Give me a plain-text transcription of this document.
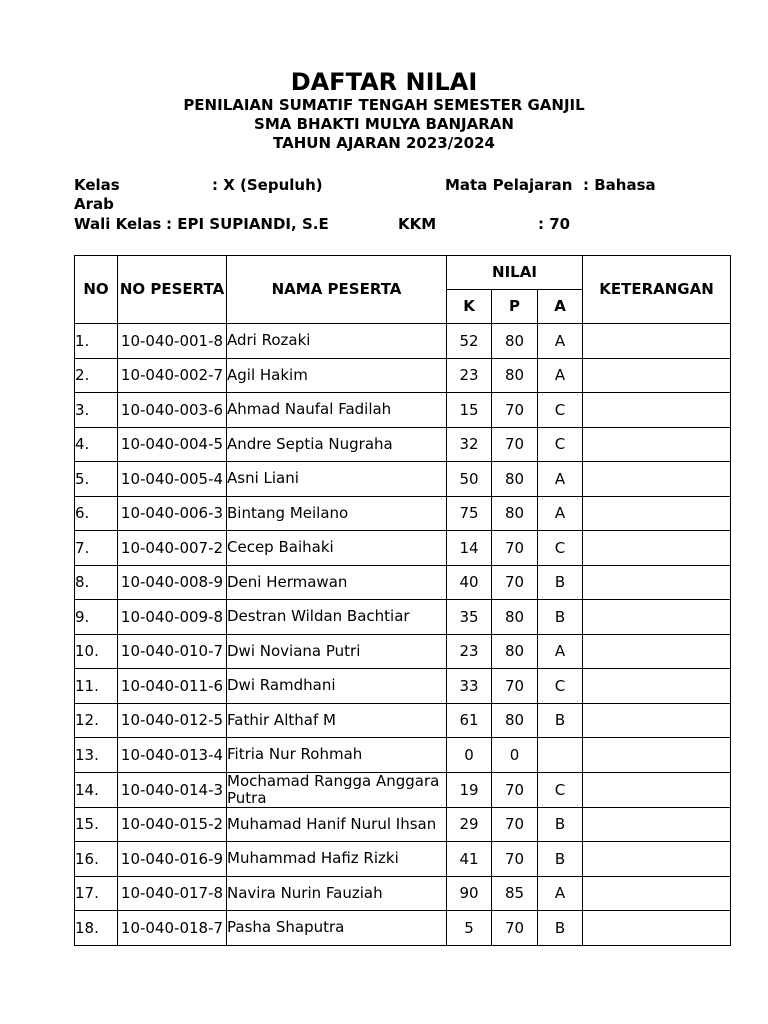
DAFTAR NILAI
PENILAIAN SUMATIF TENGAH SEMESTER GANJIL
SMA BHAKTI MULYA BANJARAN
TAHUN AJARAN 2023/2024
Kelas	: X (Sepuluh)	Mata Pelajaran : Bahasa
Arab
Wali Kelas : EPI SUPIANDI, S.E	KKM	: 70
NO	NO PESERTA	NAMA PESERTA	NILAI			KETERANGAN
			K	P	A	
1.	10-040-001-8	Adri Rozaki	52	80	A	
2.	10-040-002-7	Agil Hakim	23	80	A	
3.	10-040-003-6	Ahmad Naufal Fadilah	15	70	C	
4.	10-040-004-5	Andre Septia Nugraha	32	70	C	
5.	10-040-005-4	Asni Liani	50	80	A	
6.	10-040-006-3	Bintang Meilano	75	80	A	
7.	10-040-007-2	Cecep Baihaki	14	70	C	
8.	10-040-008-9	Deni Hermawan	40	70	B	
9.	10-040-009-8	Destran Wildan Bachtiar	35	80	B	
10.	10-040-010-7	Dwi Noviana Putri	23	80	A	
11.	10-040-011-6	Dwi Ramdhani	33	70	C	
12.	10-040-012-5	Fathir Althaf M	61	80	B	
13.	10-040-013-4	Fitria Nur Rohmah	0	0		
14.	10-040-014-3	Mochamad Rangga Anggara Putra	19	70	C	
15.	10-040-015-2	Muhamad Hanif Nurul Ihsan	29	70	B	
16.	10-040-016-9	Muhammad Hafiz Rizki	41	70	B	
17.	10-040-017-8	Navira Nurin Fauziah	90	85	A	
18.	10-040-018-7	Pasha Shaputra	5	70	B	
